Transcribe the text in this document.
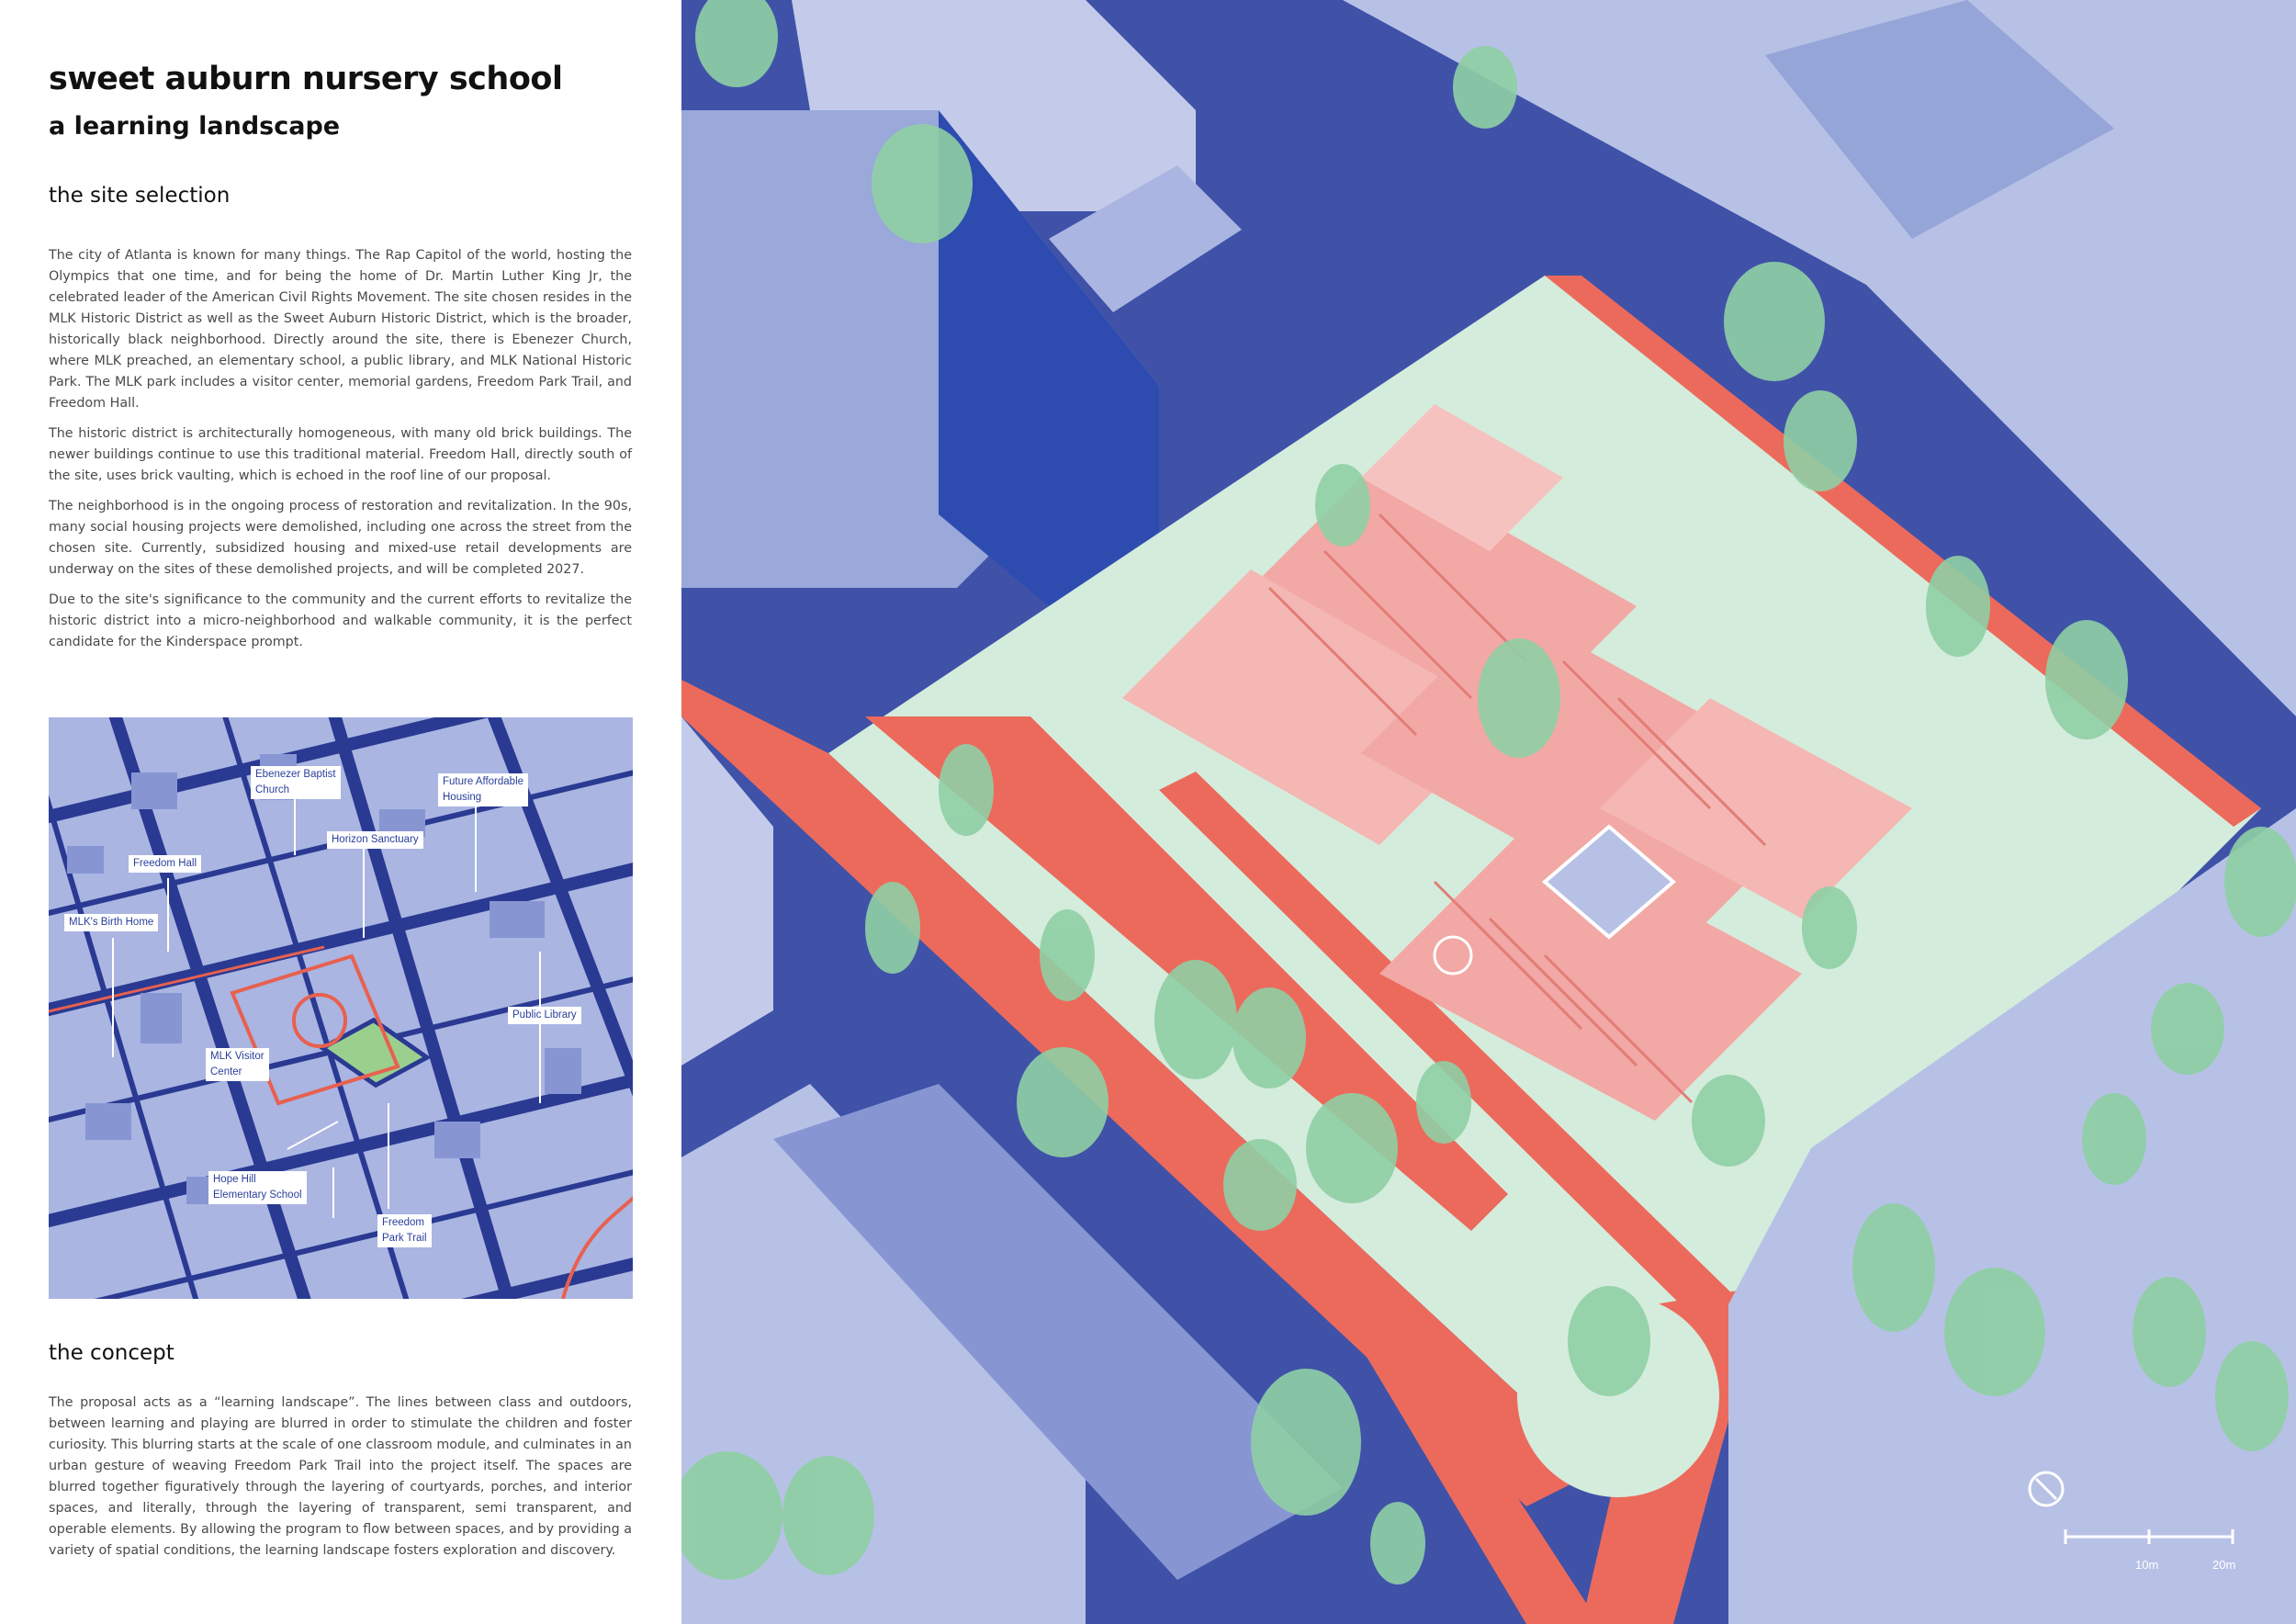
sweet auburn nursery school
a learning landscape
the site selection

The city of Atlanta is known for many things. The Rap Capitol of the world, hosting the Olympics that one time, and for being the home of Dr. Martin Luther King Jr, the celebrated leader of the American Civil Rights Movement. The site chosen resides in the MLK Historic District as well as the Sweet Auburn Historic District, which is the broader, historically black neighborhood. Directly around the site, there is Ebenezer Church, where MLK preached, an elementary school, a public library, and MLK National Historic Park. The MLK park includes a visitor center, memorial gardens, Freedom Park Trail, and Freedom Hall.

The historic district is architecturally homogeneous, with many old brick buildings. The newer buildings continue to use this traditional material. Freedom Hall, directly south of the site, uses brick vaulting, which is echoed in the roof line of our proposal.

The neighborhood is in the ongoing process of restoration and revitalization. In the 90s, many social housing projects were demolished, including one across the street from the chosen site. Currently, subsidized housing and mixed-use retail developments are underway on the sites of these demolished projects, and will be completed 2027.

Due to the site's significance to the community and the current efforts to revitalize the historic district into a micro-neighborhood and walkable community, it is the perfect candidate for the Kinderspace prompt.

Ebenezer Baptist
Church
Future Affordable
Housing
Horizon Sanctuary
Freedom Hall
MLK's Birth Home
Public Library
MLK Visitor
Center
Hope Hill
Elementary School
Freedom
Park Trail
the concept

The proposal acts as a “learning landscape”. The lines between class and outdoors, between learning and playing are blurred in order to stimulate the children and foster curiosity. This blurring starts at the scale of one classroom module, and culminates in an urban gesture of weaving Freedom Park Trail into the project itself. The spaces are blurred together figuratively through the layering of courtyards, porches, and interior spaces, and literally, through the layering of transparent, semi transparent, and operable elements. By allowing the program to flow between spaces, and by providing a variety of spatial conditions, the learning landscape fosters exploration and discovery.

10m	20m
